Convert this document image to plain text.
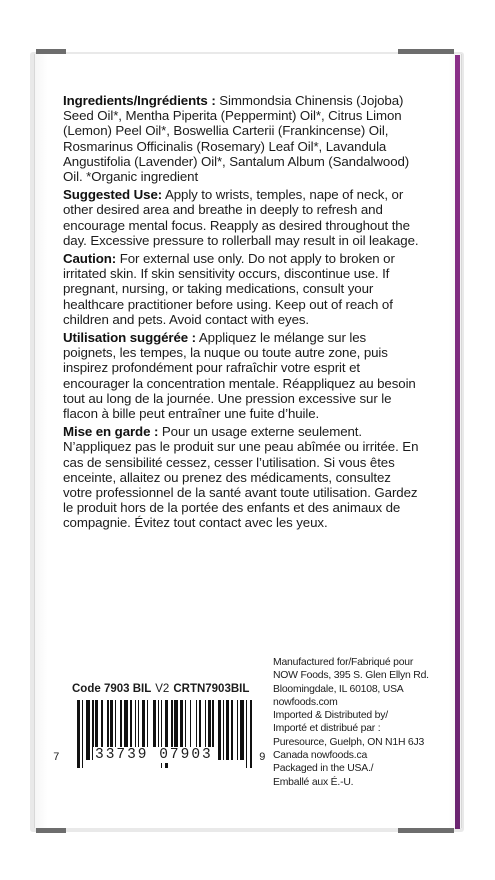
Ingredients/Ingrédients : Simmondsia Chinensis (Jojoba) Seed Oil*, Mentha Piperita (Peppermint) Oil*, Citrus Limon (Lemon) Peel Oil*, Boswellia Carterii (Frankincense) Oil, Rosmarinus Officinalis (Rosemary) Leaf Oil*, Lavandula Angustifolia (Lavender) Oil*, Santalum Album (Sandalwood) Oil. *Organic ingredient

Suggested Use: Apply to wrists, temples, nape of neck, or other desired area and breathe in deeply to refresh and encourage mental focus. Reapply as desired throughout the day. Excessive pressure to rollerball may result in oil leakage.

Caution: For external use only. Do not apply to broken or irritated skin. If skin sensitivity occurs, discontinue use. If pregnant, nursing, or taking medications, consult your healthcare practitioner before using. Keep out of reach of children and pets. Avoid contact with eyes.

Utilisation suggérée : Appliquez le mélange sur les poignets, les tempes, la nuque ou toute autre zone, puis inspirez profondément pour rafraîchir votre esprit et encourager la concentration mentale. Réappliquez au besoin tout au long de la journée. Une pression excessive sur le flacon à bille peut entraîner une fuite d’huile.

Mise en garde : Pour un usage externe seulement. N’appliquez pas le produit sur une peau abîmée ou irritée. En cas de sensibilité cessez, cesser l’utilisation. Si vous êtes enceinte, allaitez ou prenez des médicaments, consultez votre professionnel de la santé avant toute utilisation. Gardez le produit hors de la portée des enfants et des animaux de compagnie. Évitez tout contact avec les yeux.

Code 7903 BIL V2 CRTN7903BIL
7 33739 07903	9
Manufactured for/Fabriqué pour
NOW Foods, 395 S. Glen Ellyn Rd.
Bloomingdale, IL 60108, USA
nowfoods.com
Imported & Distributed by/
Importé et distribué par :
Puresource, Guelph, ON N1H 6J3
Canada nowfoods.ca
Packaged in the USA./
Emballé aux É.-U.
